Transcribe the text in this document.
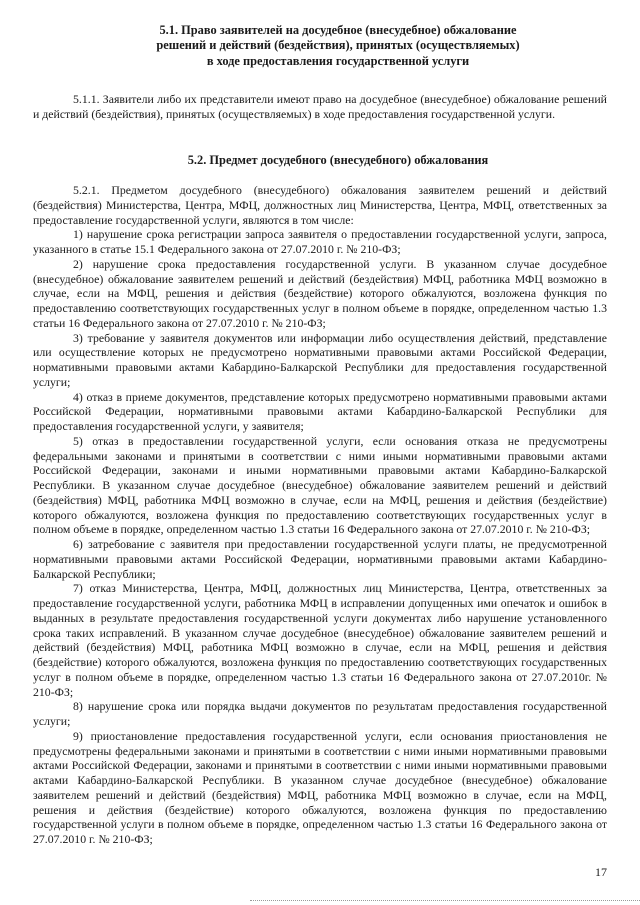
5.1. Право заявителей на досудебное (внесудебное) обжалование
решений и действий (бездействия), принятых (осуществляемых)
в ходе предоставления государственной услуги

5.1.1. Заявители либо их представители имеют право на досудебное (внесудебное) обжалование решений и действий (бездействия), принятых (осуществляемых) в ходе предоставления государственной услуги.

5.2. Предмет досудебного (внесудебного) обжалования

5.2.1. Предметом досудебного (внесудебного) обжалования заявителем решений и действий (бездействия) Министерства, Центра, МФЦ, должностных лиц Министерства, Центра, МФЦ, ответственных за предоставление государственной услуги, являются в том числе:

1) нарушение срока регистрации запроса заявителя о предоставлении государственной услуги, запроса, указанного в статье 15.1 Федерального закона от 27.07.2010 г. № 210-ФЗ;

2) нарушение срока предоставления государственной услуги. В указанном случае досудебное (внесудебное) обжалование заявителем решений и действий (бездействия) МФЦ, работника МФЦ возможно в случае, если на МФЦ, решения и действия (бездействие) которого обжалуются, возложена функция по предоставлению соответствующих государственных услуг в полном объеме в порядке, определенном частью 1.3 статьи 16 Федерального закона от 27.07.2010 г. № 210-ФЗ;

3) требование у заявителя документов или информации либо осуществления действий, представление или осуществление которых не предусмотрено нормативными правовыми актами Российской Федерации, нормативными правовыми актами Кабардино-Балкарской Республики для предоставления государственной услуги;

4) отказ в приеме документов, представление которых предусмотрено нормативными правовыми актами Российской Федерации, нормативными правовыми актами Кабардино-Балкарской Республики для предоставления государственной услуги, у заявителя;

5) отказ в предоставлении государственной услуги, если основания отказа не предусмотрены федеральными законами и принятыми в соответствии с ними иными нормативными правовыми актами Российской Федерации, законами и иными нормативными правовыми актами Кабардино-Балкарской Республики. В указанном случае досудебное (внесудебное) обжалование заявителем решений и действий (бездействия) МФЦ, работника МФЦ возможно в случае, если на МФЦ, решения и действия (бездействие) которого обжалуются, возложена функция по предоставлению соответствующих государственных услуг в полном объеме в порядке, определенном частью 1.3 статьи 16 Федерального закона от 27.07.2010 г. № 210-ФЗ;

6) затребование с заявителя при предоставлении государственной услуги платы, не предусмотренной нормативными правовыми актами Российской Федерации, нормативными правовыми актами Кабардино-Балкарской Республики;

7) отказ Министерства, Центра, МФЦ, должностных лиц Министерства, Центра, ответственных за предоставление государственной услуги, работника МФЦ в исправлении допущенных ими опечаток и ошибок в выданных в результате предоставления государственной услуги документах либо нарушение установленного срока таких исправлений. В указанном случае досудебное (внесудебное) обжалование заявителем решений и действий (бездействия) МФЦ, работника МФЦ возможно в случае, если на МФЦ, решения и действия (бездействие) которого обжалуются, возложена функция по предоставлению соответствующих государственных услуг в полном объеме в порядке, определенном частью 1.3 статьи 16 Федерального закона от 27.07.2010г. № 210-ФЗ;

8) нарушение срока или порядка выдачи документов по результатам предоставления государственной услуги;

9) приостановление предоставления государственной услуги, если основания приостановления не предусмотрены федеральными законами и принятыми в соответствии с ними иными нормативными правовыми актами Российской Федерации, законами и принятыми в соответствии с ними иными нормативными правовыми актами Кабардино-Балкарской Республики. В указанном случае досудебное (внесудебное) обжалование заявителем решений и действий (бездействия) МФЦ, работника МФЦ возможно в случае, если на МФЦ, решения и действия (бездействие) которого обжалуются, возложена функция по предоставлению государственной услуги в полном объеме в порядке, определенном частью 1.3 статьи 16 Федерального закона от 27.07.2010 г. № 210-ФЗ;

17
